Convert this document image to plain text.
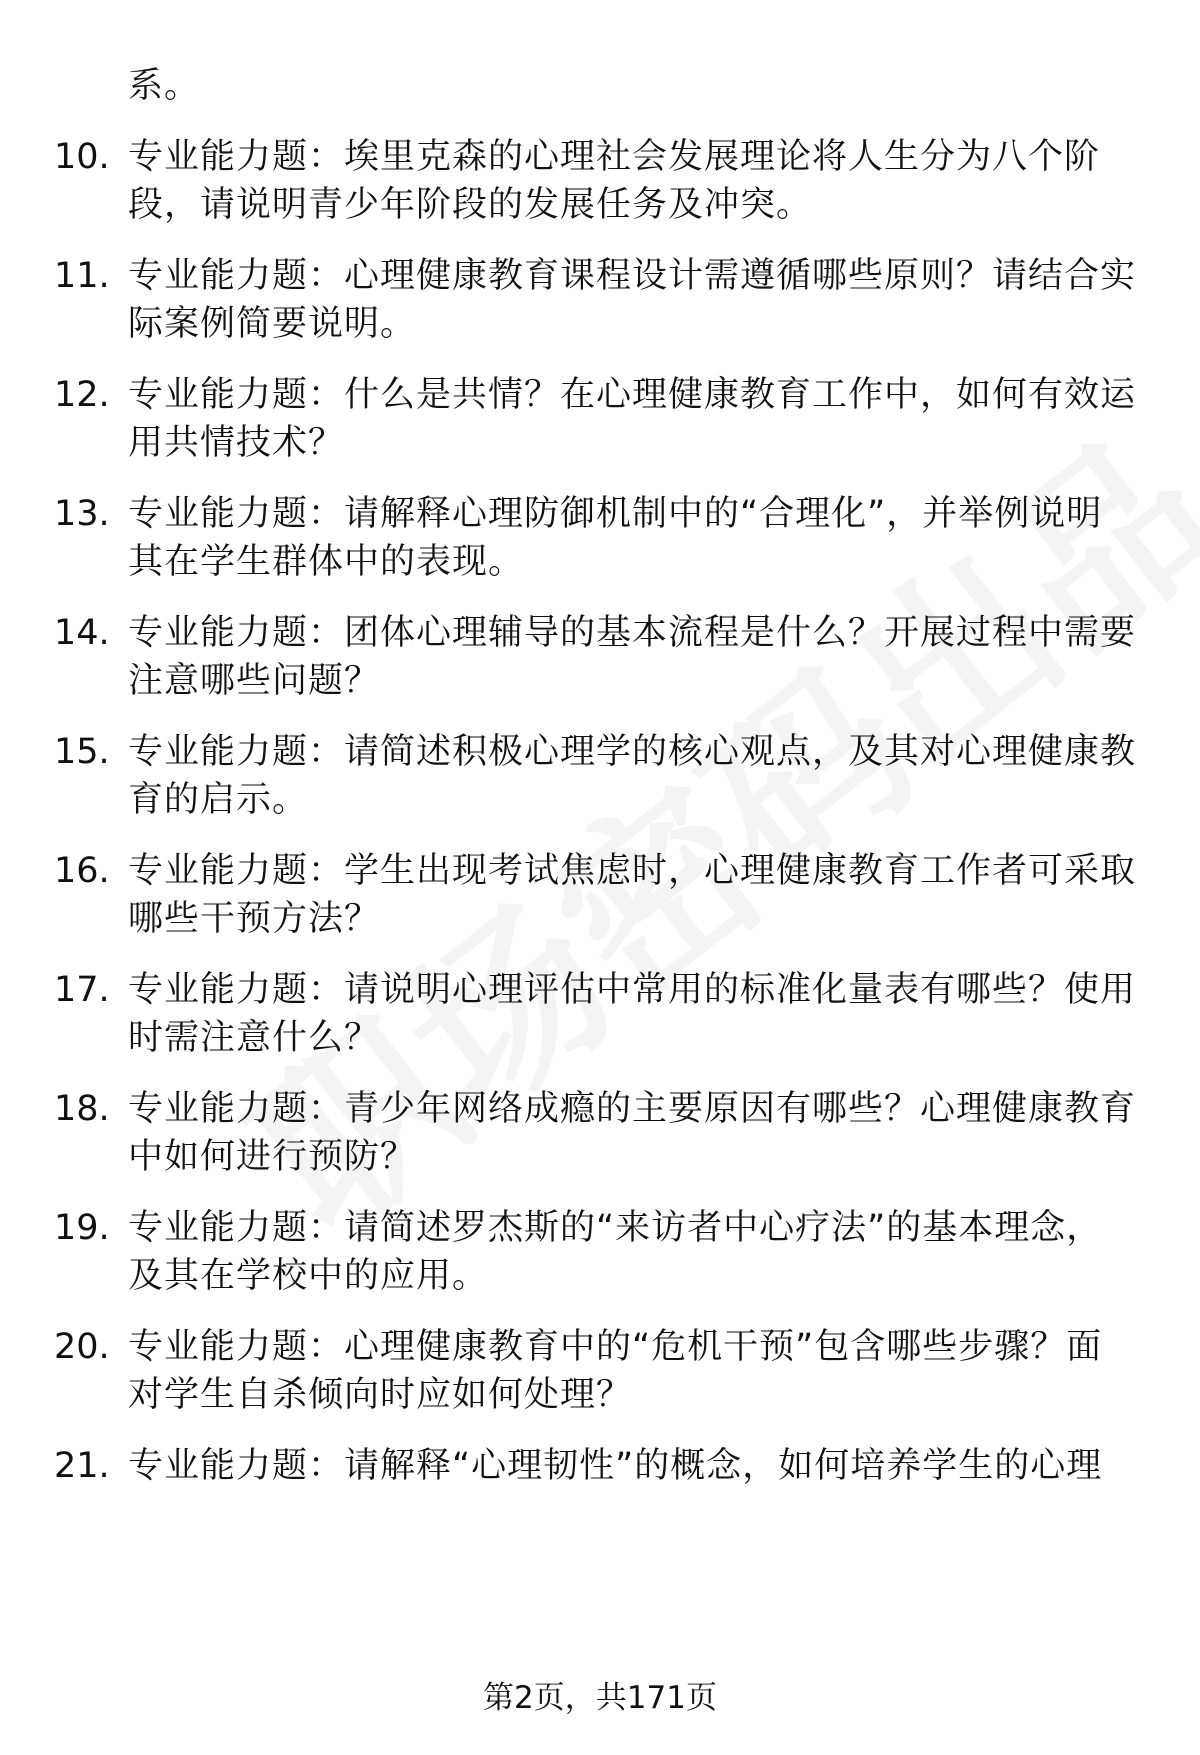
系。
10. 专业能力题：埃里克森的心理社会发展理论将人生分为八个阶
段，请说明青少年阶段的发展任务及冲突。
11. 专业能力题：心理健康教育课程设计需遵循哪些原则？请结合实
际案例简要说明。
12. 专业能力题：什么是共情？在心理健康教育工作中，如何有效运
用共情技术？
13. 专业能力题：请解释心理防御机制中的“合理化”，并举例说明
其在学生群体中的表现。
14. 专业能力题：团体心理辅导的基本流程是什么？开展过程中需要
注意哪些问题？
15. 专业能力题：请简述积极心理学的核心观点，及其对心理健康教
育的启示。
16. 专业能力题：学生出现考试焦虑时，心理健康教育工作者可采取
哪些干预方法？
17. 专业能力题：请说明心理评估中常用的标准化量表有哪些？使用
时需注意什么？
18. 专业能力题：青少年网络成瘾的主要原因有哪些？心理健康教育
中如何进行预防？
19. 专业能力题：请简述罗杰斯的“来访者中心疗法”的基本理念，
及其在学校中的应用。
20. 专业能力题：心理健康教育中的“危机干预”包含哪些步骤？面
对学生自杀倾向时应如何处理？
21. 专业能力题：请解释“心理韧性”的概念，如何培养学生的心理
第2页，共171页
